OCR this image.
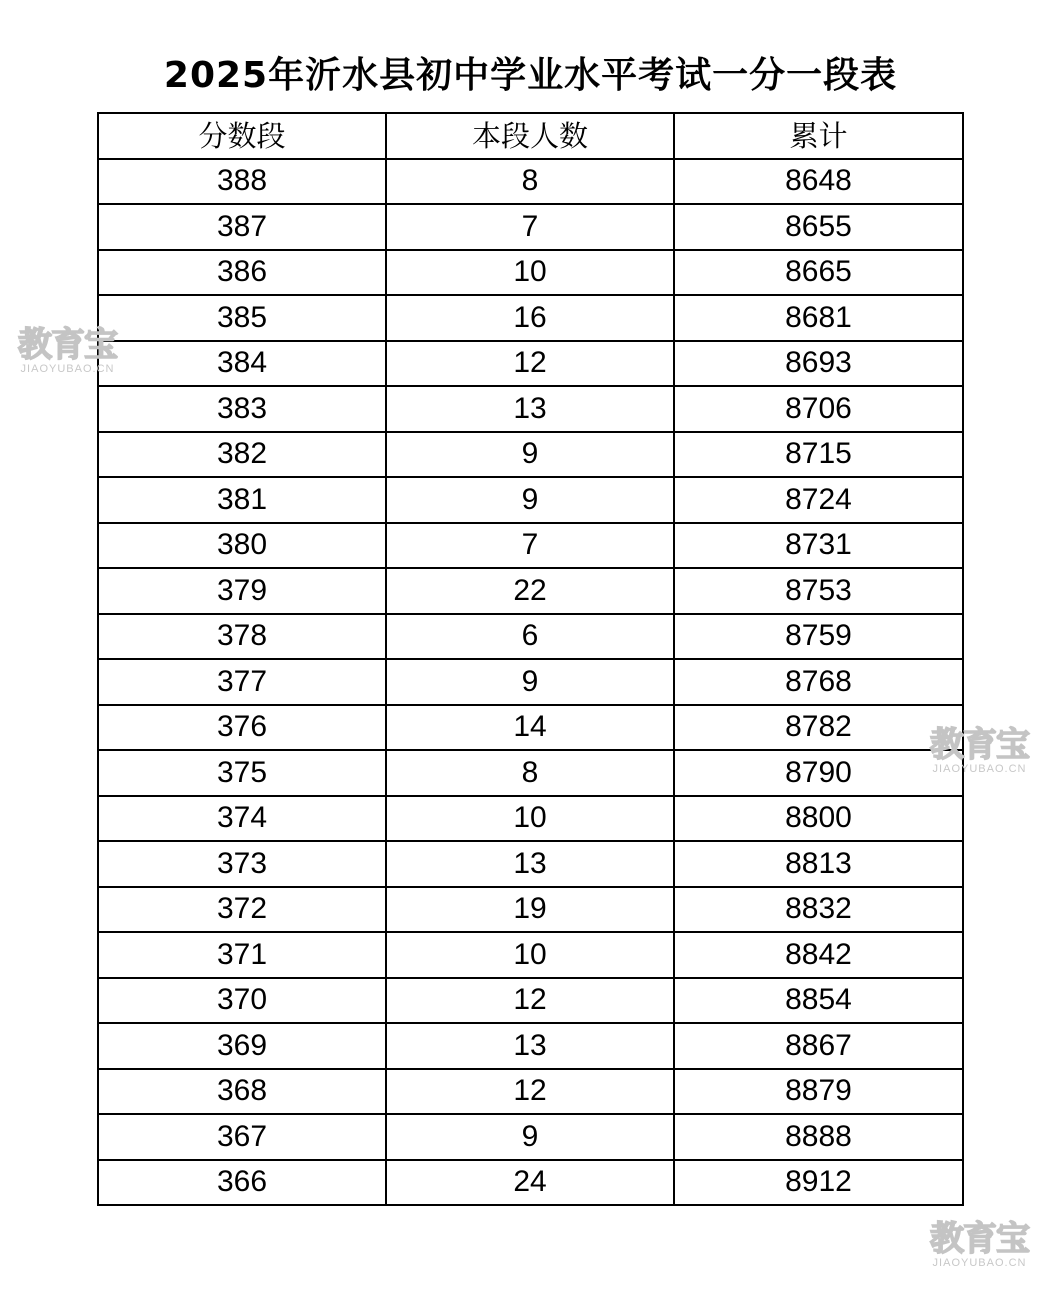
2025年沂水县初中学业水平考试一分一段表
分数段	本段人数	累计
388	8	8648
387	7	8655
386	10	8665
385	16	8681
384	12	8693
383	13	8706
382	9	8715
381	9	8724
380	7	8731
379	22	8753
378	6	8759
377	9	8768
376	14	8782
375	8	8790
374	10	8800
373	13	8813
372	19	8832
371	10	8842
370	12	8854
369	13	8867
368	12	8879
367	9	8888
366	24	8912
教育宝
JIAOYUBAO.CN
教育宝
JIAOYUBAO.CN
教育宝
JIAOYUBAO.CN
